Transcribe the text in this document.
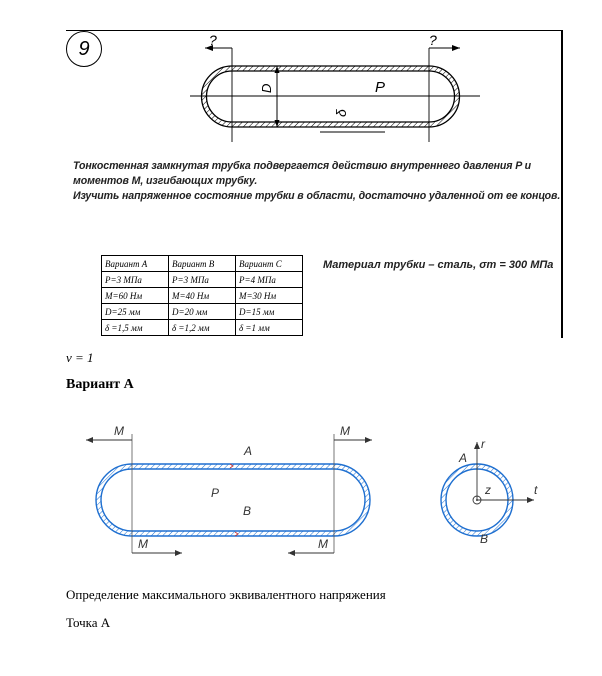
9
D	P
δ
?	?
Тонкостенная замкнутая трубка подвергается действию внутреннего давления P и
моментов M, изгибающих трубку.
Изучить напряженное состояние трубки в области, достаточно удаленной от ее концов.
Вариант А	Вариант В	Вариант С
P=3 МПа	P=3 МПа	P=4 МПа
M=60 Нм	M=40 Нм	M=30 Нм
D=25 мм	D=20 мм	D=15 мм
δ =1,5 мм	δ =1,2 мм	δ =1 мм
Материал трубки – сталь, σт = 300 МПа
ν = 1
Вариант А
M	M
M	M
A
B
P
A
r
z	t
B
Определение максимального эквивалентного напряжения
Точка А
